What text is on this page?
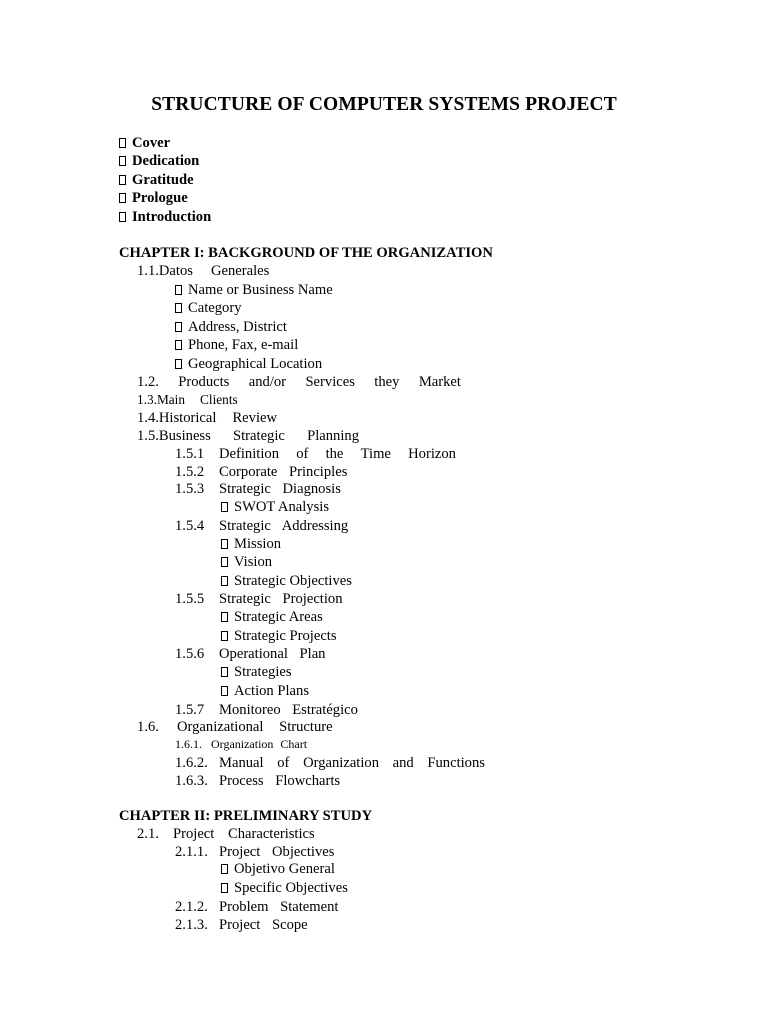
STRUCTURE OF COMPUTER SYSTEMS PROJECT
Cover
Dedication
Gratitude
Prologue
Introduction
CHAPTER I: BACKGROUND OF THE ORGANIZATION
1.1.Datos Generales
Name or Business Name
Category
Address, District
Phone, Fax, e-mail
Geographical Location
1.2. Products and/or Services they Market
1.3.Main Clients
1.4.Historical Review
1.5.Business Strategic Planning
1.5.1	Definition of the Time Horizon
1.5.2	Corporate Principles
1.5.3	Strategic Diagnosis
SWOT Analysis
1.5.4	Strategic Addressing
Mission
Vision
Strategic Objectives
1.5.5	Strategic Projection
Strategic Areas
Strategic Projects
1.5.6	Operational Plan
Strategies
Action Plans
1.5.7	Monitoreo Estratégico
1.6.	Organizational Structure
1.6.1. Organization Chart
1.6.2. Manual of Organization and Functions
1.6.3. Process Flowcharts
CHAPTER II: PRELIMINARY STUDY
2.1. Project Characteristics
2.1.1. Project Objectives
Objetivo General
Specific Objectives
2.1.2. Problem Statement
2.1.3. Project Scope
